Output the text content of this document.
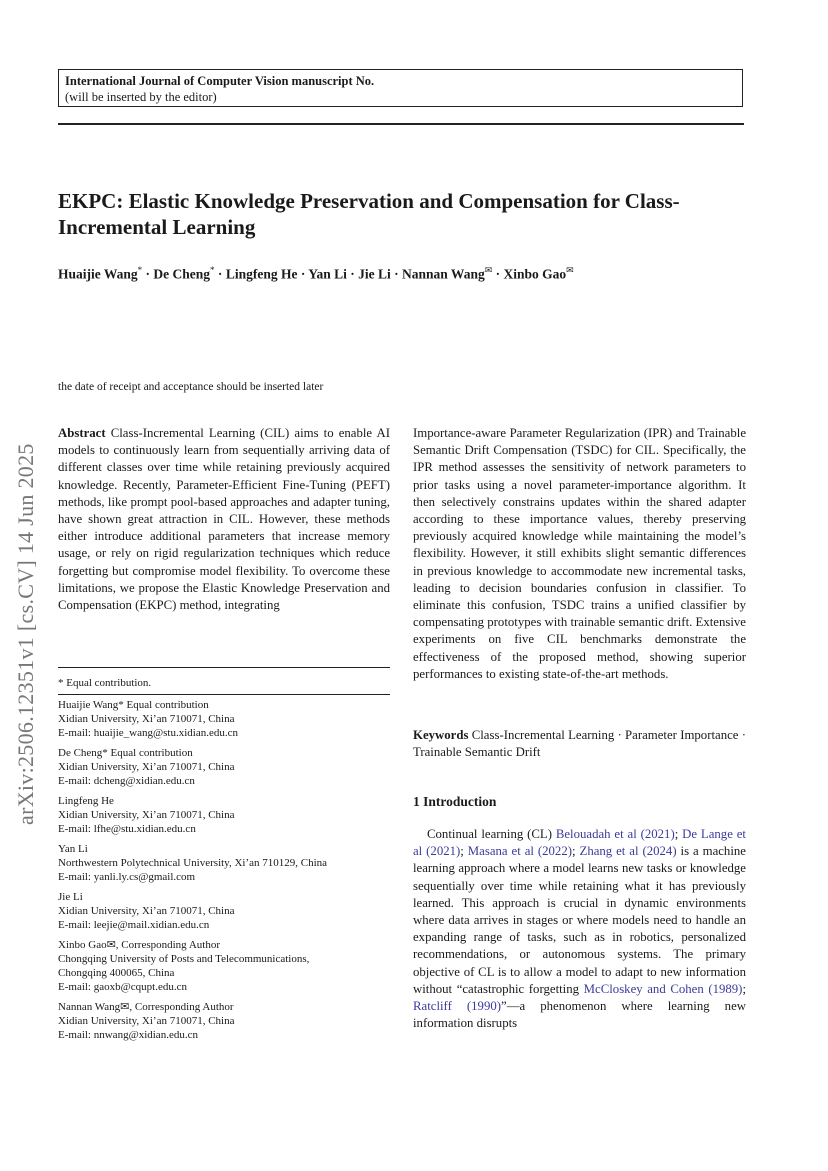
International Journal of Computer Vision manuscript No.
(will be inserted by the editor)
EKPC: Elastic Knowledge Preservation and Compensation for Class-Incremental Learning
Huaijie Wang* · De Cheng* · Lingfeng He · Yan Li · Jie Li · Nannan Wang✉ · Xinbo Gao✉
the date of receipt and acceptance should be inserted later
arXiv:2506.12351v1 [cs.CV] 14 Jun 2025
Abstract Class-Incremental Learning (CIL) aims to enable AI models to continuously learn from sequentially arriving data of different classes over time while retaining previously acquired knowledge. Recently, Parameter-Efficient Fine-Tuning (PEFT) methods, like prompt pool-based approaches and adapter tuning, have shown great attraction in CIL. However, these methods either introduce additional parameters that increase memory usage, or rely on rigid regularization techniques which reduce forgetting but compromise model flexibility. To overcome these limitations, we propose the Elastic Knowledge Preservation and Compensation (EKPC) method, integrating
* Equal contribution.
Huaijie Wang* Equal contribution
Xidian University, Xi’an 710071, China
E-mail: huaijie_wang@stu.xidian.edu.cn
De Cheng* Equal contribution
Xidian University, Xi’an 710071, China
E-mail: dcheng@xidian.edu.cn
Lingfeng He
Xidian University, Xi’an 710071, China
E-mail: lfhe@stu.xidian.edu.cn
Yan Li
Northwestern Polytechnical University, Xi’an 710129, China
E-mail: yanli.ly.cs@gmail.com
Jie Li
Xidian University, Xi’an 710071, China
E-mail: leejie@mail.xidian.edu.cn
Xinbo Gao✉, Corresponding Author
Chongqing University of Posts and Telecommunications,
Chongqing 400065, China
E-mail: gaoxb@cqupt.edu.cn
Nannan Wang✉, Corresponding Author
Xidian University, Xi’an 710071, China
E-mail: nnwang@xidian.edu.cn
Importance-aware Parameter Regularization (IPR) and Trainable Semantic Drift Compensation (TSDC) for CIL. Specifically, the IPR method assesses the sensitivity of network parameters to prior tasks using a novel parameter-importance algorithm. It then selectively constrains updates within the shared adapter according to these importance values, thereby preserving previously acquired knowledge while maintaining the model’s flexibility. However, it still exhibits slight semantic differences in previous knowledge to accommodate new incremental tasks, leading to decision boundaries confusion in classifier. To eliminate this confusion, TSDC trains a unified classifier by compensating prototypes with trainable semantic drift. Extensive experiments on five CIL benchmarks demonstrate the effectiveness of the proposed method, showing superior performances to existing state-of-the-art methods.
Keywords Class-Incremental Learning · Parameter Importance · Trainable Semantic Drift
1 Introduction
Continual learning (CL) Belouadah et al (2021); De Lange et al (2021); Masana et al (2022); Zhang et al (2024) is a machine learning approach where a model learns new tasks or knowledge sequentially over time while retaining what it has previously learned. This approach is crucial in dynamic environments where data arrives in stages or where models need to handle an expanding range of tasks, such as in robotics, personalized recommendations, or autonomous systems. The primary objective of CL is to allow a model to adapt to new information without “catastrophic forgetting McCloskey and Cohen (1989); Ratcliff (1990)”—a phenomenon where learning new information disrupts
